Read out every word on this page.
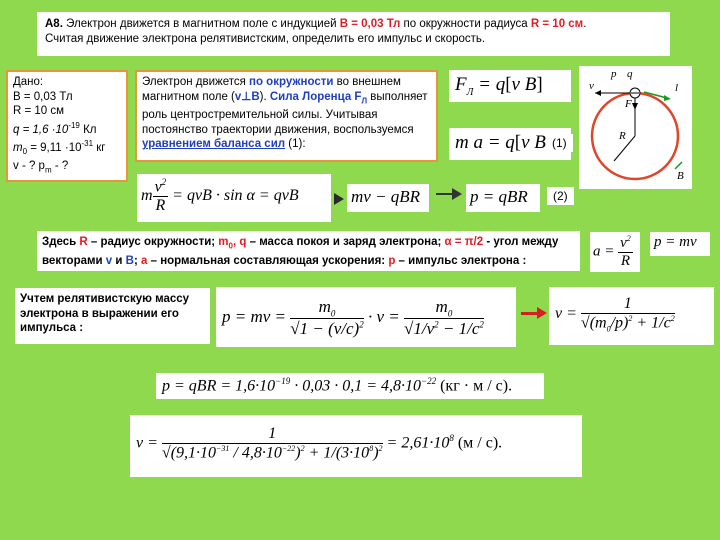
А8. Электрон движется в магнитном поле с индукцией В = 0,03 Тл по окружности радиуса R = 10 см.
Считая движение электрона релятивистским, определить его импульс и скорость.
Дано:
В = 0,03 Тл
R = 10 см
$q = 1,6 \cdot 10^{-19}$ Кл
$m_0 = 9,11 \cdot 10^{-31}$ кг
v - ? $p_m$ - ?
Электрон движется по окружности во внешнем магнитном поле (v⊥B). Сила Лоренца $F_Л$ выполняет роль центростремительной силы. Учитывая постоянство траектории движения, воспользуемся уравнением баланса сил (1):
$F_Л = q[v$ B]
m a = q[v B (1)
p q
v	l
F
R
B
m $\frac{v^2}{R}$ = qvB · sin α = qvB	mv − qBR	p = qBR	(2)
Здесь R – радиус окружности; $m_0$, q – масса покоя и заряд электрона; α = π/2 - угол между векторами v и B; a – нормальная составляющая ускорения: p – импульс электрона :
$a = \frac{v^2}{R}$ p = mv
Учтем релятивистскую массу электрона в выражении его импульса :
p = mv = $\frac{m_0}{√1 - (v/c)^2} \cdot v = \frac{m_0}{√1/v^2 - 1/c^2}$	$v = \frac{1}{√(m_0/p)^2 + 1/c^2}$
p = qBR = $1,6\cdot 10^{-19} \cdot 0,03 \cdot 0,1 = 4,8\cdot 10^{-22}$ (кг · м / с).
$v = \frac{1}{√(9,1\cdot 10^{-31} / 4,8\cdot 10^{-22})^2 + 1/(3\cdot 10^8)^2} = 2,61\cdot 10^8$ (м / с).
